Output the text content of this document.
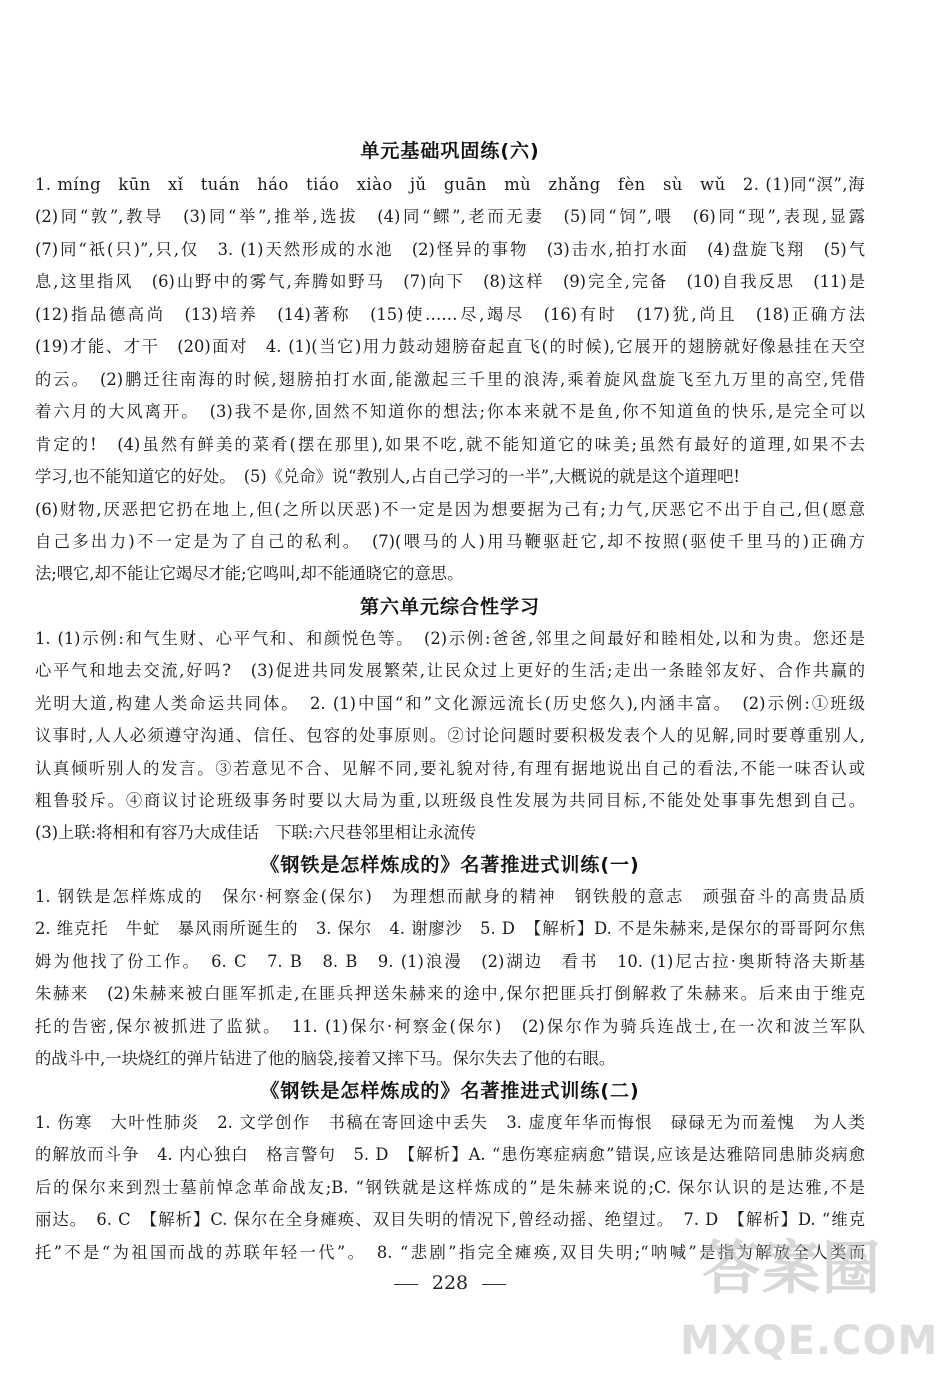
单元基础巩固练(六)
1. míng　kūn　xǐ　tuán　háo　tiáo　xiào　jǔ　guān　mù　zhǎng　fèn　sù　wǔ　2. (1)同“溟”,海
(2)同“敦”,教导　(3)同“举”,推举,选拔　(4)同“鳏”,老而无妻　(5)同“饲”,喂　(6)同“现”,表现,显露
(7)同“祇(只)”,只,仅　3. (1)天然形成的水池　(2)怪异的事物　(3)击水,拍打水面　(4)盘旋飞翔　(5)气
息,这里指风　(6)山野中的雾气,奔腾如野马　(7)向下　(8)这样　(9)完全,完备　(10)自我反思　(11)是
(12)指品德高尚　(13)培养　(14)著称　(15)使……尽,竭尽　(16)有时　(17)犹,尚且　(18)正确方法
(19)才能、才干　(20)面对　4. (1)(当它)用力鼓动翅膀奋起直飞(的时候),它展开的翅膀就好像悬挂在天空
的云。　(2)鹏迁往南海的时候,翅膀拍打水面,能激起三千里的浪涛,乘着旋风盘旋飞至九万里的高空,凭借
着六月的大风离开。　(3)我不是你,固然不知道你的想法;你本来就不是鱼,你不知道鱼的快乐,是完全可以
肯定的!　(4)虽然有鲜美的菜肴(摆在那里),如果不吃,就不能知道它的味美;虽然有最好的道理,如果不去
学习,也不能知道它的好处。　(5)《兑命》说“教别人,占自己学习的一半”,大概说的就是这个道理吧!
(6)财物,厌恶把它扔在地上,但(之所以厌恶)不一定是因为想要据为己有;力气,厌恶它不出于自己,但(愿意
自己多出力)不一定是为了自己的私利。　(7)(喂马的人)用马鞭驱赶它,却不按照(驱使千里马的)正确方
法;喂它,却不能让它竭尽才能;它鸣叫,却不能通晓它的意思。
第六单元综合性学习
1. (1)示例:和气生财、心平气和、和颜悦色等。　(2)示例:爸爸,邻里之间最好和睦相处,以和为贵。您还是
心平气和地去交流,好吗?　(3)促进共同发展繁荣,让民众过上更好的生活;走出一条睦邻友好、合作共赢的
光明大道,构建人类命运共同体。　2. (1)中国“和”文化源远流长(历史悠久),内涵丰富。　(2)示例:①班级
议事时,人人必须遵守沟通、信任、包容的处事原则。②讨论问题时要积极发表个人的见解,同时要尊重别人,
认真倾听别人的发言。③若意见不合、见解不同,要礼貌对待,有理有据地说出自己的看法,不能一味否认或
粗鲁驳斥。④商议讨论班级事务时要以大局为重,以班级良性发展为共同目标,不能处处事事先想到自己。
(3)上联:将相和有容乃大成佳话　下联:六尺巷邻里相让永流传
《钢铁是怎样炼成的》名著推进式训练(一)
1. 钢铁是怎样炼成的　保尔·柯察金(保尔)　为理想而献身的精神　钢铁般的意志　顽强奋斗的高贵品质
2. 维克托　牛虻　暴风雨所诞生的　3. 保尔　4. 谢廖沙　5. D　【解析】D. 不是朱赫来,是保尔的哥哥阿尔焦
姆为他找了份工作。　6. C　7. B　8. B　9. (1)浪漫　(2)湖边　看书　10. (1)尼古拉·奥斯特洛夫斯基
朱赫来　(2)朱赫来被白匪军抓走,在匪兵押送朱赫来的途中,保尔把匪兵打倒解救了朱赫来。后来由于维克
托的告密,保尔被抓进了监狱。　11. (1)保尔·柯察金(保尔)　(2)保尔作为骑兵连战士,在一次和波兰军队
的战斗中,一块烧红的弹片钻进了他的脑袋,接着又摔下马。保尔失去了他的右眼。
《钢铁是怎样炼成的》名著推进式训练(二)
1. 伤寒　大叶性肺炎　2. 文学创作　书稿在寄回途中丢失　3. 虚度年华而悔恨　碌碌无为而羞愧　为人类
的解放而斗争　4. 内心独白　格言警句　5. D　【解析】A. “患伤寒症病愈”错误,应该是达雅陪同患肺炎病愈
后的保尔来到烈士墓前悼念革命战友;B. “钢铁就是这样炼成的”是朱赫来说的;C. 保尔认识的是达雅,不是
丽达。　6. C　【解析】C. 保尔在全身瘫痪、双目失明的情况下,曾经动摇、绝望过。　7. D　【解析】D. “维克
托”不是“为祖国而战的苏联年轻一代”。　8. “悲剧”指完全瘫痪,双目失明;“呐喊”是指为解放全人类而
228	答案圈
MXQE.COM
